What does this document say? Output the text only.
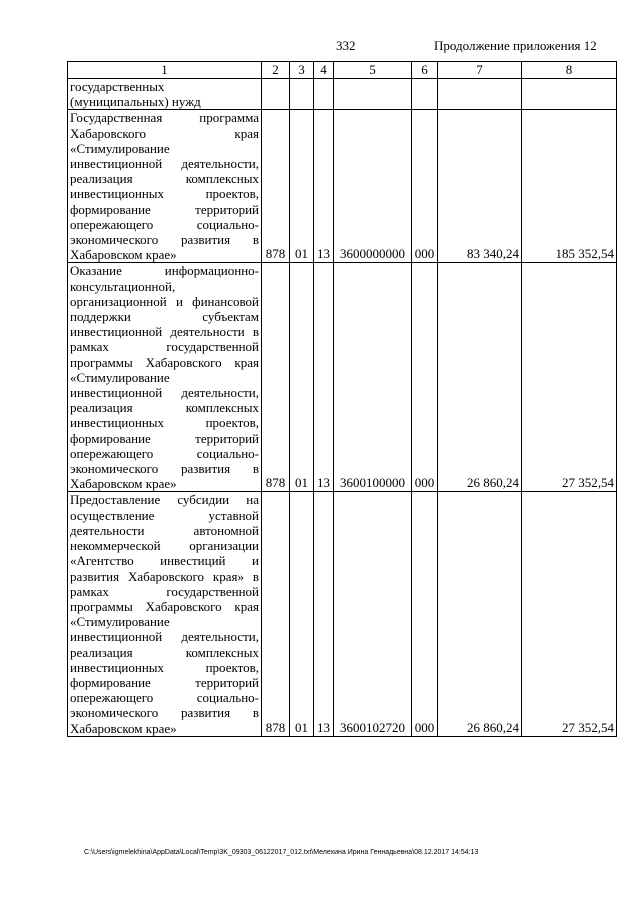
332	Продолжение приложения 12
1	2	3	4	5	6	7	8
государственных (муниципальных) нужд							
Государственная программа Хабаровского края «Стимулирование инвестиционной деятельности, реализация комплексных инвестиционных проектов, формирование территорий опережающего социально-экономического развития в Хабаровском крае»	878	01	13	3600000000	000	83 340,24	185 352,54
Оказание информационно-консультационной, организационной и финансовой поддержки субъектам инвестиционной деятельности в рамках государственной программы Хабаровского края «Стимулирование инвестиционной деятельности, реализация комплексных инвестиционных проектов, формирование территорий опережающего социально-экономического развития в Хабаровском крае»	878	01	13	3600100000	000	26 860,24	27 352,54
Предоставление субсидии на осуществление уставной деятельности автономной некоммерческой организации «Агентство инвестиций и развития Хабаровского края» в рамках государственной программы Хабаровского края «Стимулирование инвестиционной деятельности, реализация комплексных инвестиционных проектов, формирование территорий опережающего социально-экономического развития в Хабаровском крае»	878	01	13	3600102720	000	26 860,24	27 352,54
C:\Users\igmelekhina\AppData\Local\Temp\3K_09303_06122017_012.txt\Мелехина Ирина Геннадьевна\08.12.2017 14:54:13
